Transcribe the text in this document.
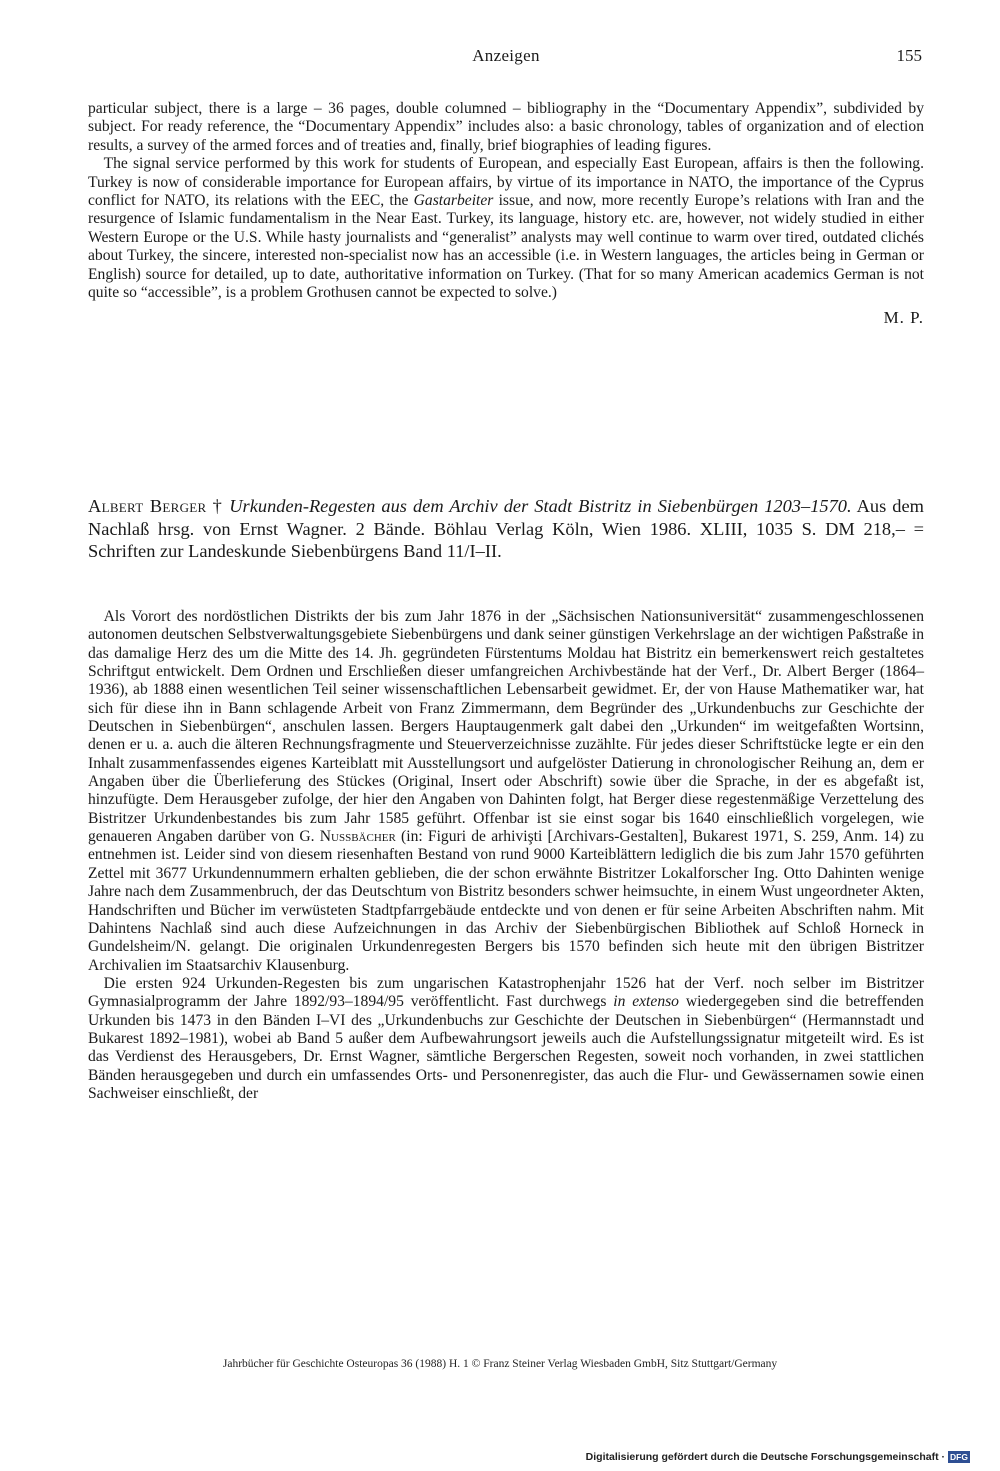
Anzeigen	155

particular subject, there is a large – 36 pages, double columned – bibliography in the “Documentary Appendix”, subdivided by subject. For ready reference, the “Documentary Appendix” includes also: a basic chronology, tables of organization and of election results, a survey of the armed forces and of treaties and, finally, brief biographies of leading figures.

The signal service performed by this work for students of European, and especially East European, affairs is then the following. Turkey is now of considerable importance for European affairs, by virtue of its importance in NATO, the importance of the Cyprus conflict for NATO, its relations with the EEC, the Gastarbeiter issue, and now, more recently Europe’s relations with Iran and the resurgence of Islamic fundamentalism in the Near East. Turkey, its language, history etc. are, however, not widely studied in either Western Europe or the U.S. While hasty journalists and “generalist” analysts may well continue to warm over tired, outdated clichés about Turkey, the sincere, interested non-specialist now has an accessible (i.e. in Western languages, the articles being in German or English) source for detailed, up to date, authoritative information on Turkey. (That for so many American academics German is not quite so “accessible”, is a problem Grothusen cannot be expected to solve.)

M. P.
Albert Berger † Urkunden-Regesten aus dem Archiv der Stadt Bistritz in Siebenbürgen 1203–1570. Aus dem Nachlaß hrsg. von Ernst Wagner. 2 Bände. Böhlau Verlag Köln, Wien 1986. XLIII, 1035 S. DM 218,– = Schriften zur Landeskunde Siebenbürgens Band 11/I–II.

Als Vorort des nordöstlichen Distrikts der bis zum Jahr 1876 in der „Sächsischen Nationsuniversität“ zusammengeschlossenen autonomen deutschen Selbstverwaltungsgebiete Siebenbürgens und dank seiner günstigen Verkehrslage an der wichtigen Paßstraße in das damalige Herz des um die Mitte des 14. Jh. gegründeten Fürstentums Moldau hat Bistritz ein bemerkenswert reich gestaltetes Schriftgut entwickelt. Dem Ordnen und Erschließen dieser umfangreichen Archivbestände hat der Verf., Dr. Albert Berger (1864–1936), ab 1888 einen wesentlichen Teil seiner wissenschaftlichen Lebensarbeit gewidmet. Er, der von Hause Mathematiker war, hat sich für diese ihn in Bann schlagende Arbeit von Franz Zimmermann, dem Begründer des „Urkundenbuchs zur Geschichte der Deutschen in Siebenbürgen“, anschulen lassen. Bergers Hauptaugenmerk galt dabei den „Urkunden“ im weitgefaßten Wortsinn, denen er u. a. auch die älteren Rechnungsfragmente und Steuerverzeichnisse zuzählte. Für jedes dieser Schriftstücke legte er ein den Inhalt zusammenfassendes eigenes Karteiblatt mit Ausstellungsort und aufgelöster Datierung in chronologischer Reihung an, dem er Angaben über die Überlieferung des Stückes (Original, Insert oder Abschrift) sowie über die Sprache, in der es abgefaßt ist, hinzufügte. Dem Herausgeber zufolge, der hier den Angaben von Dahinten folgt, hat Berger diese regestenmäßige Verzettelung des Bistritzer Urkundenbestandes bis zum Jahr 1585 geführt. Offenbar ist sie einst sogar bis 1640 einschließlich vorgelegen, wie genaueren Angaben darüber von G. Nussbächer (in: Figuri de arhivişti [Archivars-Gestalten], Bukarest 1971, S. 259, Anm. 14) zu entnehmen ist. Leider sind von diesem riesenhaften Bestand von rund 9000 Karteiblättern lediglich die bis zum Jahr 1570 geführten Zettel mit 3677 Urkundennummern erhalten geblieben, die der schon erwähnte Bistritzer Lokalforscher Ing. Otto Dahinten wenige Jahre nach dem Zusammenbruch, der das Deutschtum von Bistritz besonders schwer heimsuchte, in einem Wust ungeordneter Akten, Handschriften und Bücher im verwüsteten Stadtpfarrgebäude entdeckte und von denen er für seine Arbeiten Abschriften nahm. Mit Dahintens Nachlaß sind auch diese Aufzeichnungen in das Archiv der Siebenbürgischen Bibliothek auf Schloß Horneck in Gundelsheim/N. gelangt. Die originalen Urkundenregesten Bergers bis 1570 befinden sich heute mit den übrigen Bistritzer Archivalien im Staatsarchiv Klausenburg.

Die ersten 924 Urkunden-Regesten bis zum ungarischen Katastrophenjahr 1526 hat der Verf. noch selber im Bistritzer Gymnasialprogramm der Jahre 1892/93–1894/95 veröffentlicht. Fast durchwegs in extenso wiedergegeben sind die betreffenden Urkunden bis 1473 in den Bänden I–VI des „Urkundenbuchs zur Geschichte der Deutschen in Siebenbürgen“ (Hermannstadt und Bukarest 1892–1981), wobei ab Band 5 außer dem Aufbewahrungsort jeweils auch die Aufstellungssignatur mitgeteilt wird. Es ist das Verdienst des Herausgebers, Dr. Ernst Wagner, sämtliche Bergerschen Regesten, soweit noch vorhanden, in zwei stattlichen Bänden herausgegeben und durch ein umfassendes Orts- und Personenregister, das auch die Flur- und Gewässernamen sowie einen Sachweiser einschließt, der

Jahrbücher für Geschichte Osteuropas 36 (1988) H. 1 © Franz Steiner Verlag Wiesbaden GmbH, Sitz Stuttgart/Germany
Digitalisierung gefördert durch die Deutsche Forschungsgemeinschaft · DFG
